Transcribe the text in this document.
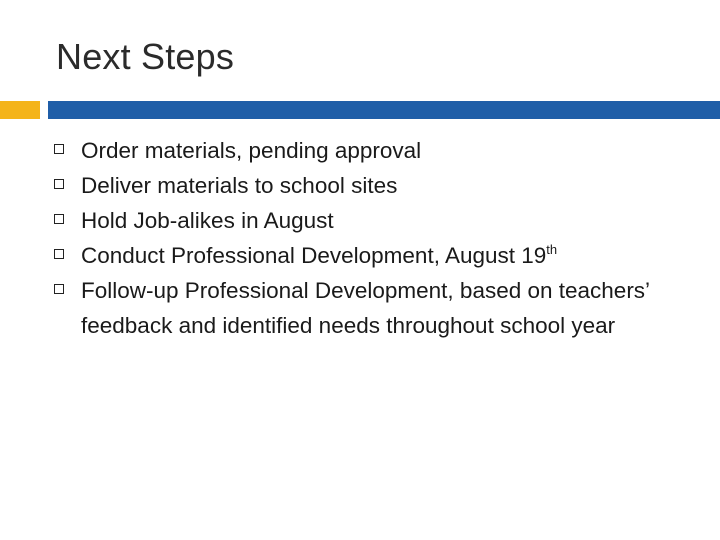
Next Steps
Order materials, pending approval
Deliver materials to school sites
Hold Job-alikes in August
Conduct Professional Development, August 19th
Follow-up Professional Development, based on teachers’ feedback and identified needs throughout school year
